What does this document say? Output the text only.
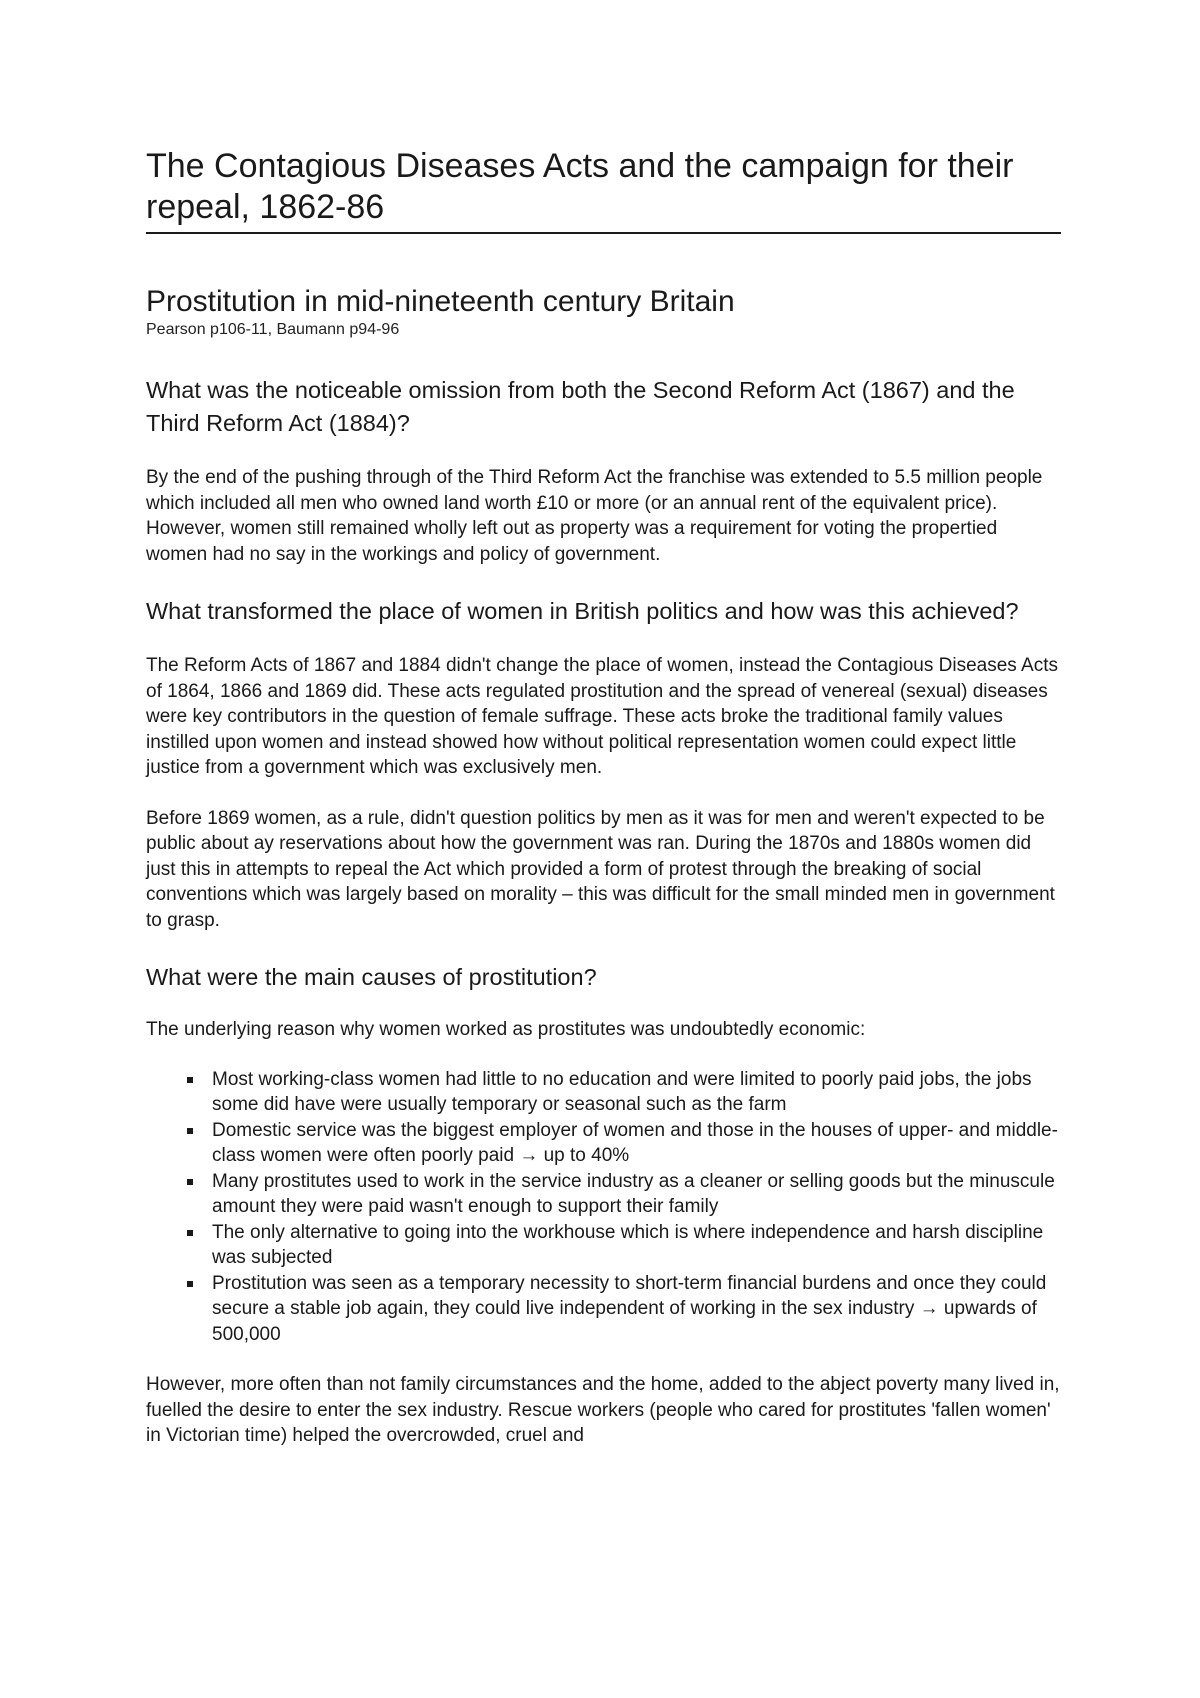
The Contagious Diseases Acts and the campaign for their repeal, 1862-86
Prostitution in mid-nineteenth century Britain

Pearson p106-11, Baumann p94-96

What was the noticeable omission from both the Second Reform Act (1867) and the Third Reform Act (1884)?

By the end of the pushing through of the Third Reform Act the franchise was extended to 5.5 million people which included all men who owned land worth £10 or more (or an annual rent of the equivalent price). However, women still remained wholly left out as property was a requirement for voting the propertied women had no say in the workings and policy of government.

What transformed the place of women in British politics and how was this achieved?

The Reform Acts of 1867 and 1884 didn't change the place of women, instead the Contagious Diseases Acts of 1864, 1866 and 1869 did. These acts regulated prostitution and the spread of venereal (sexual) diseases were key contributors in the question of female suffrage. These acts broke the traditional family values instilled upon women and instead showed how without political representation women could expect little justice from a government which was exclusively men.

Before 1869 women, as a rule, didn't question politics by men as it was for men and weren't expected to be public about ay reservations about how the government was ran. During the 1870s and 1880s women did just this in attempts to repeal the Act which provided a form of protest through the breaking of social conventions which was largely based on morality – this was difficult for the small minded men in government to grasp.

What were the main causes of prostitution?

The underlying reason why women worked as prostitutes was undoubtedly economic:

Most working-class women had little to no education and were limited to poorly paid jobs, the jobs some did have were usually temporary or seasonal such as the farm
Domestic service was the biggest employer of women and those in the houses of upper- and middle-class women were often poorly paid → up to 40%
Many prostitutes used to work in the service industry as a cleaner or selling goods but the minuscule amount they were paid wasn't enough to support their family
The only alternative to going into the workhouse which is where independence and harsh discipline was subjected
Prostitution was seen as a temporary necessity to short-term financial burdens and once they could secure a stable job again, they could live independent of working in the sex industry → upwards of 500,000

However, more often than not family circumstances and the home, added to the abject poverty many lived in, fuelled the desire to enter the sex industry. Rescue workers (people who cared for prostitutes 'fallen women' in Victorian time) helped the overcrowded, cruel and
